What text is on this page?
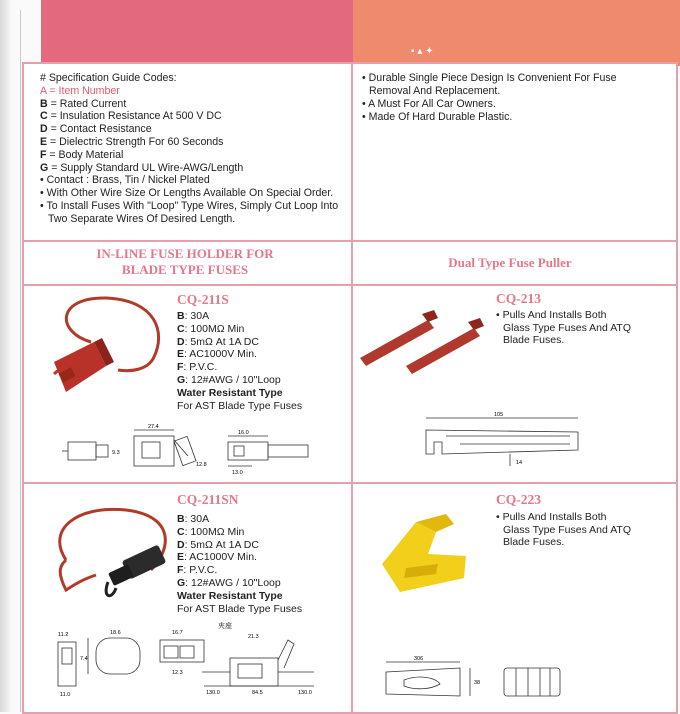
▪ ▴ ✦
# Specification Guide Codes:
A = Item Number
B = Rated Current
C = Insulation Resistance At 500 V DC
D = Contact Resistance
E = Dielectric Strength For 60 Seconds
F = Body Material
G = Supply Standard UL Wire-AWG/Length
• Contact : Brass, Tin / Nickel Plated
• With Other Wire Size Or Lengths Available On Special Order.
• To Install Fuses With "Loop" Type Wires, Simply Cut Loop Into
Two Separate Wires Of Desired Length.
• Durable Single Piece Design Is Convenient For Fuse
Removal And Replacement.
• A Must For All Car Owners.
• Made Of Hard Durable Plastic.
IN-LINE FUSE HOLDER FOR
BLADE TYPE FUSES	Dual Type Fuse Puller
CQ-211S
B: 30A
C: 100MΩ Min
D: 5mΩ At 1A DC
E: AC1000V Min.
F: P.V.C.
G: 12#AWG / 10"Loop
Water Resistant Type
For AST Blade Type Fuses
27.4
16.0
13.0
12.8
9.3
CQ-211SN
B: 30A
C: 100MΩ Min
D: 5mΩ At 1A DC
E: AC1000V Min.
F: P.V.C.
G: 12#AWG / 10"Loop
Water Resistant Type
For AST Blade Type Fuses
11.2	18.6	16.7
21.3
12.3
11.0	130.0	84.5	130.0
7.4
夾座
CQ-213
• Pulls And Installs Both
Glass Type Fuses And ATQ
Blade Fuses.
105
14
CQ-223
• Pulls And Installs Both
Glass Type Fuses And ATQ
Blade Fuses.
306
38
